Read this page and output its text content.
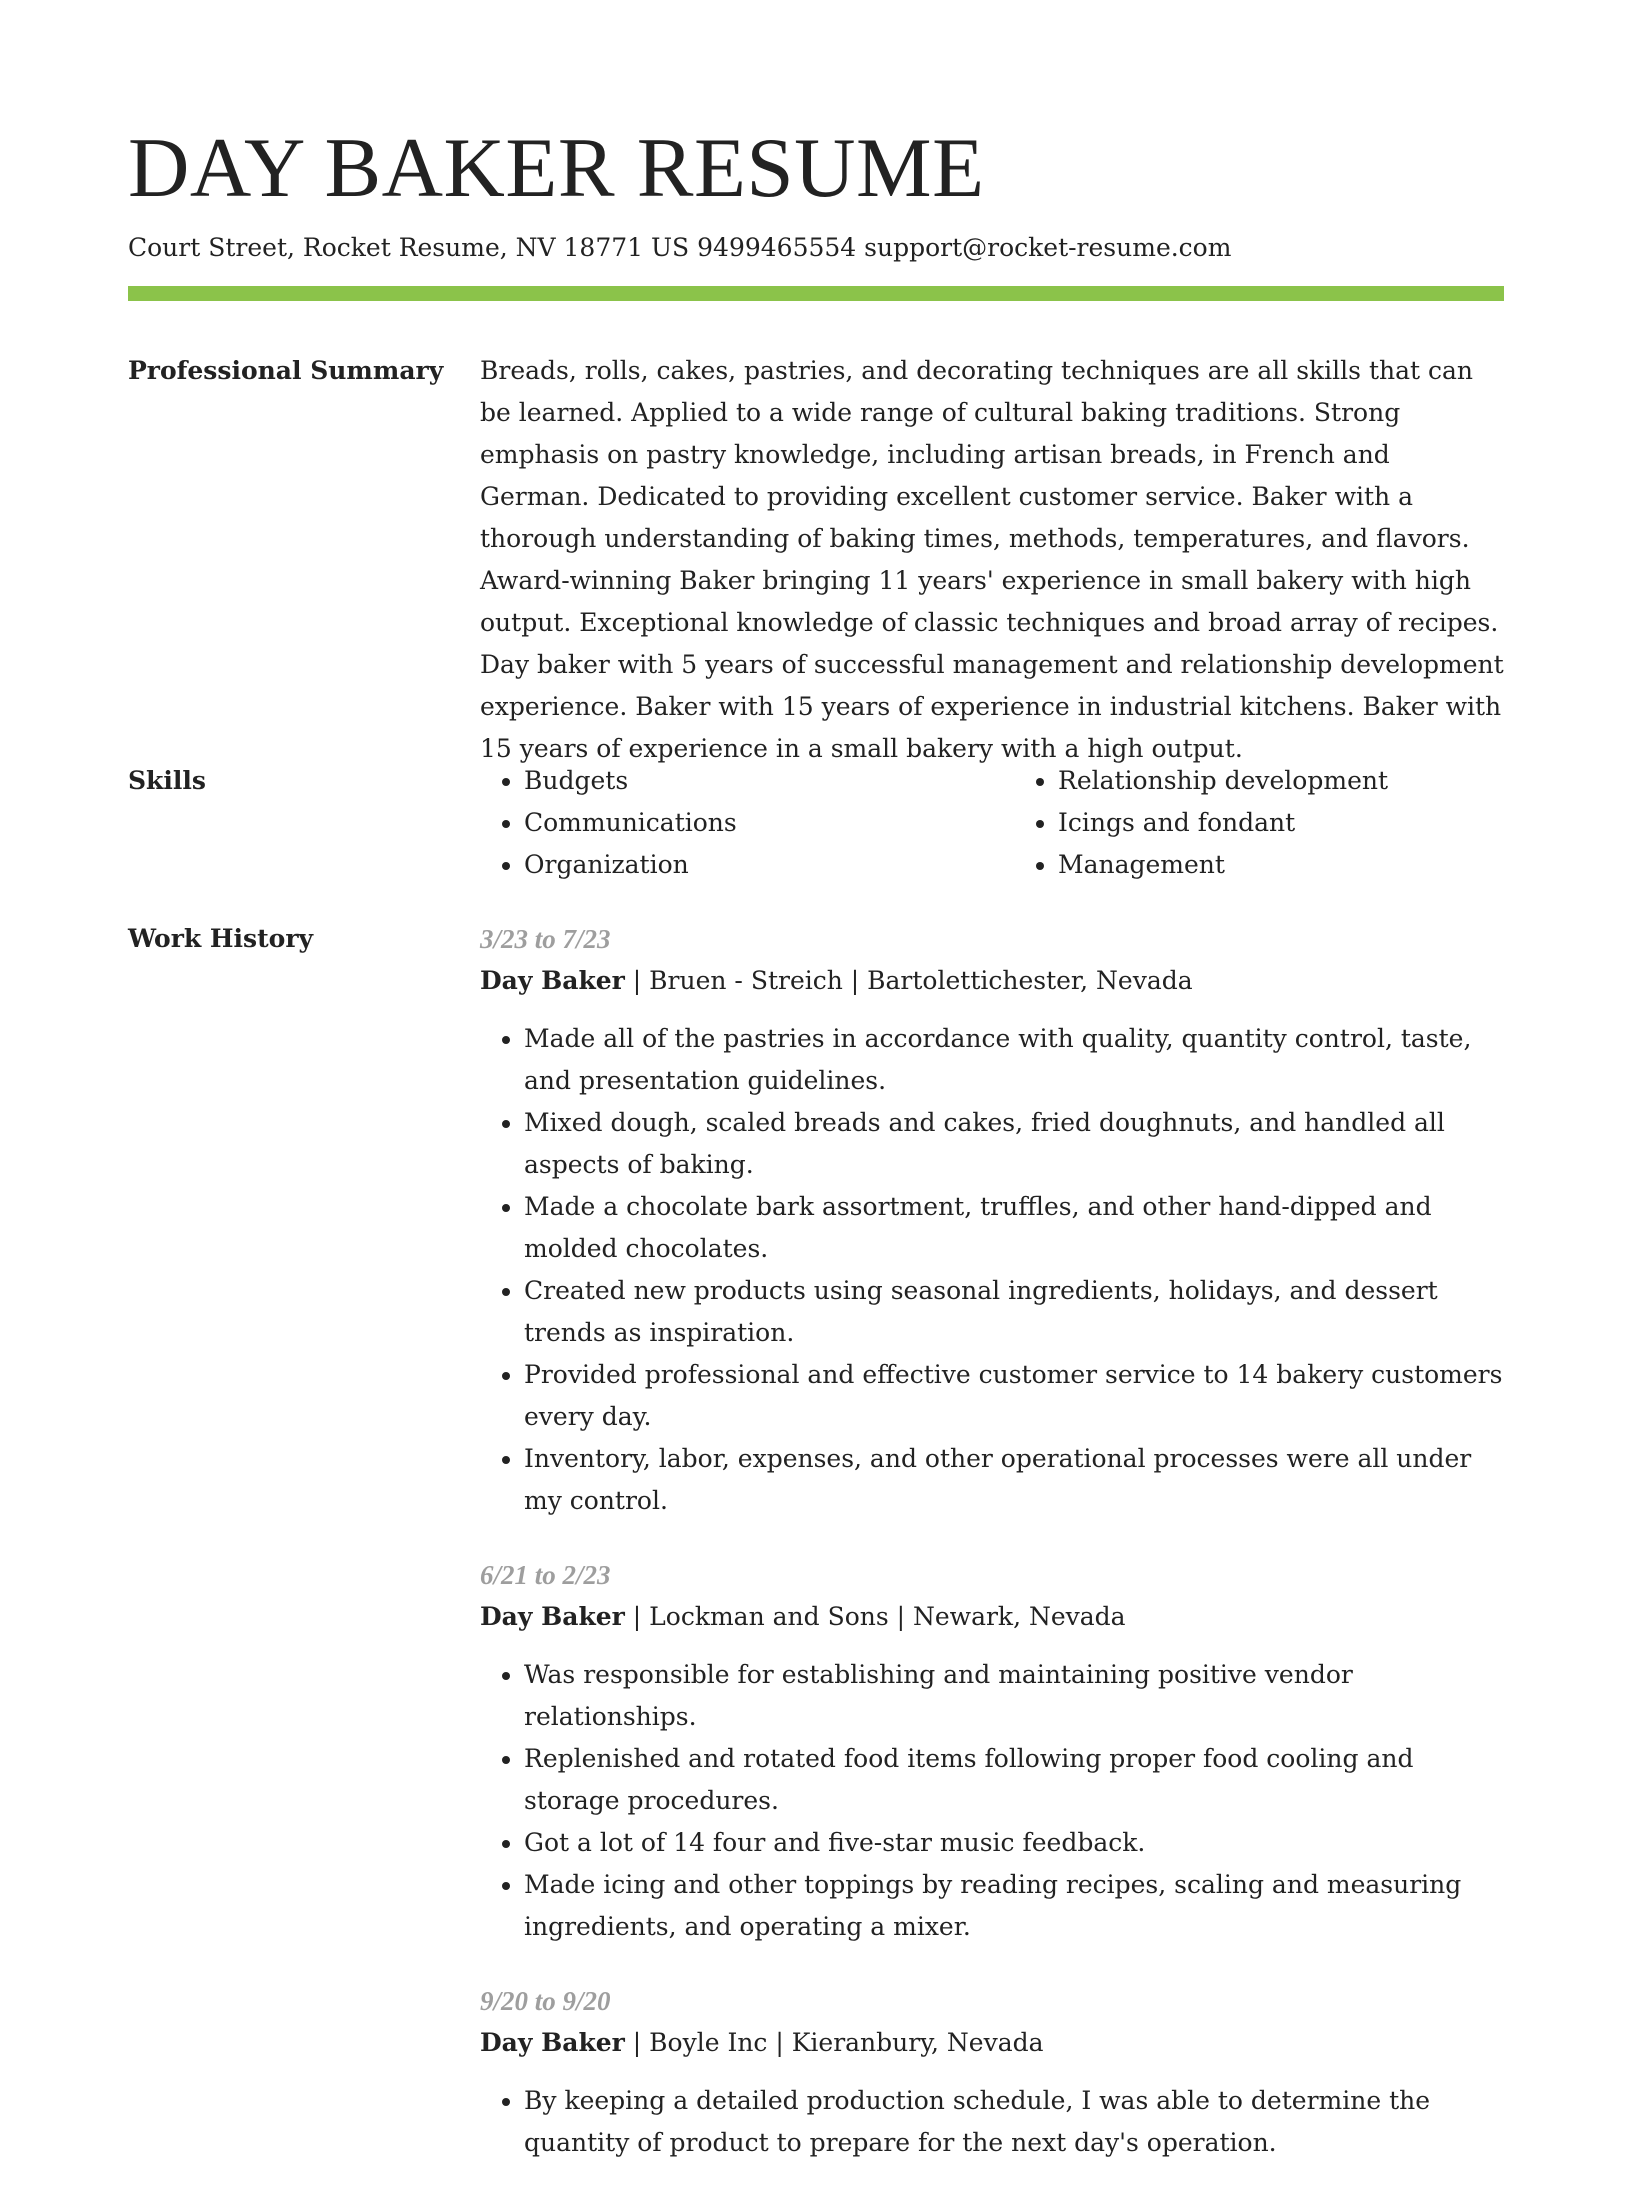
DAY BAKER RESUME
Court Street, Rocket Resume, NV 18771 US 9499465554 support@rocket-resume.com
Professional Summary Breads, rolls, cakes, pastries, and decorating techniques are all skills that can be learned. Applied to a wide range of cultural baking traditions. Strong emphasis on pastry knowledge, including artisan breads, in French and German. Dedicated to providing excellent customer service. Baker with a thorough understanding of baking times, methods, temperatures, and flavors. Award-winning Baker bringing 11 years' experience in small bakery with high output. Exceptional knowledge of classic techniques and broad array of recipes. Day baker with 5 years of successful management and relationship development experience. Baker with 15 years of experience in industrial kitchens. Baker with 15 years of experience in a small bakery with a high output.

Skills
•	Budgets
• Communications
• Organization
• Relationship development
• Icings and fondant
• Management
Work History	3/23 to 7/23
Day Baker | Bruen - Streich | Bartolettichester, Nevada
• Made all of the pastries in accordance with quality, quantity control, taste, and presentation guidelines.
• Mixed dough, scaled breads and cakes, fried doughnuts, and handled all aspects of baking.
• Made a chocolate bark assortment, truffles, and other hand-dipped and molded chocolates.
• Created new products using seasonal ingredients, holidays, and dessert trends as inspiration.
• Provided professional and effective customer service to 14 bakery customers every day.
• Inventory, labor, expenses, and other operational processes were all under my control.
6/21 to 2/23
Day Baker | Lockman and Sons | Newark, Nevada
• Was responsible for establishing and maintaining positive vendor relationships.
• Replenished and rotated food items following proper food cooling and storage procedures.
• Got a lot of 14 four and five-star music feedback.
• Made icing and other toppings by reading recipes, scaling and measuring ingredients, and operating a mixer.
9/20 to 9/20
Day Baker | Boyle Inc | Kieranbury, Nevada
• By keeping a detailed production schedule, I was able to determine the quantity of product to prepare for the next day's operation.
